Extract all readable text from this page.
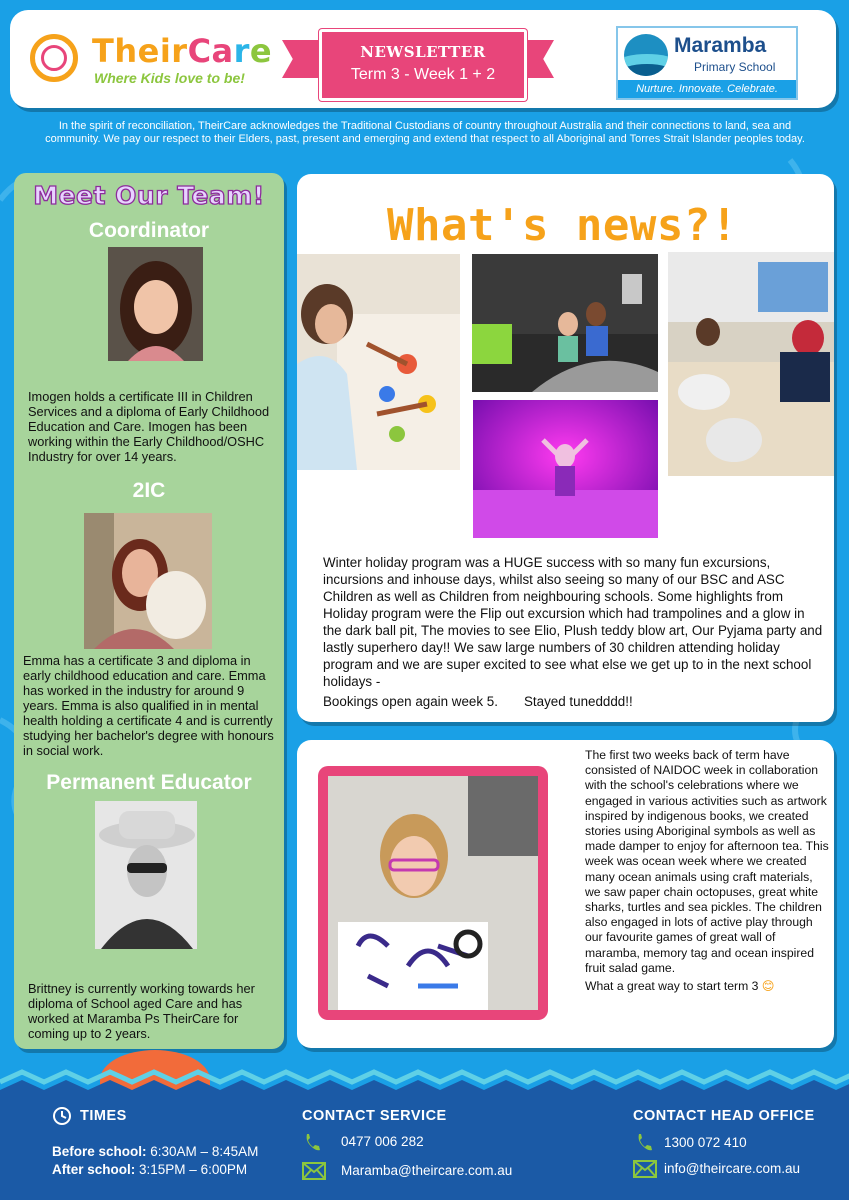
TheirCare
Where Kids love to be!
NEWSLETTER
Term 3 - Week 1 + 2
Maramba
Primary School
Nurture. Innovate. Celebrate.
In the spirit of reconciliation, TheirCare acknowledges the Traditional Custodians of country throughout Australia and their connections to land, sea and community. We pay our respect to their Elders, past, present and emerging and extend that respect to all Aboriginal and Torres Strait Islander peoples today.
Meet Our Team!
Coordinator
Imogen holds a certificate III in Children Services and a diploma of Early Childhood Education and Care. Imogen has been working within the Early Childhood/OSHC Industry for over 14 years.
2IC
Emma has a certificate 3 and diploma in early childhood education and care. Emma has worked in the industry for around 9 years. Emma is also qualified in in mental health holding a certificate 4 and is currently studying her bachelor's degree with honours in social work.
Permanent Educator
Brittney is currently working towards her diploma of School aged Care and has worked at Maramba Ps TheirCare for coming up to 2 years.
What's news?!
Winter holiday program was a HUGE success with so many fun excursions, incursions and inhouse days, whilst also seeing so many of our BSC and ASC Children as well as Children from neighbouring schools. Some highlights from Holiday program were the Flip out excursion which had trampolines and a glow in the dark ball pit, The movies to see Elio, Plush teddy blow art, Our Pyjama party and lastly superhero day!! We saw large numbers of 30 children attending holiday program and we are super excited to see what else we get up to in the next school holidays -
Bookings open again week 5.       Stayed tunedddd!!
The first two weeks back of term have consisted of NAIDOC week in collaboration with the school's celebrations where we engaged in various activities such as artwork inspired by indigenous books, we created stories using Aboriginal symbols as well as made damper to enjoy for afternoon tea. This week was ocean week where we created many ocean animals using craft materials, we saw paper chain octopuses, great white sharks, turtles and sea pickles. The children also engaged in lots of active play through our favourite games of great wall of maramba, memory tag and ocean inspired fruit salad game.
What a great way to start term 3 😊
TIMES
Before school: 6:30AM – 8:45AM
After school: 3:15PM – 6:00PM
CONTACT SERVICE
0477 006 282
Maramba@theircare.com.au
CONTACT HEAD OFFICE
1300 072 410
info@theircare.com.au
